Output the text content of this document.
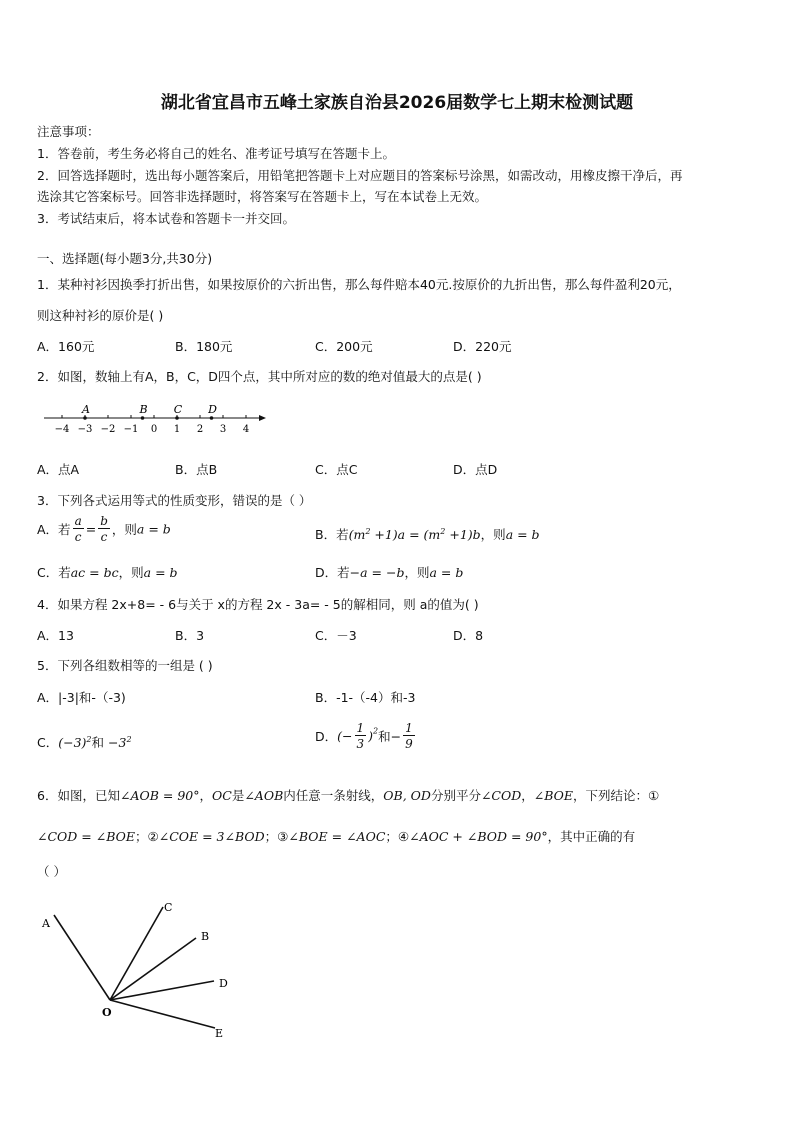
湖北省宜昌市五峰土家族自治县2026届数学七上期末检测试题
注意事项：
1．答卷前，考生务必将自己的姓名、准考证号填写在答题卡上。
2．回答选择题时，选出每小题答案后，用铅笔把答题卡上对应题目的答案标号涂黑，如需改动，用橡皮擦干净后，再
选涂其它答案标号。回答非选择题时，将答案写在答题卡上，写在本试卷上无效。
3．考试结束后，将本试卷和答题卡一并交回。
一、选择题(每小题3分,共30分)
1．某种衬衫因换季打折出售，如果按原价的六折出售，那么每件赔本40元.按原价的九折出售，那么每件盈利20元，
则这种衬衫的原价是( )
A．160元	B．180元	C．200元	D．220元
2．如图，数轴上有A，B，C，D四个点，其中所对应的数的绝对值最大的点是( )
−4 −3 −2 −1 0 1 2 3 4
A	B C D
A．点A	B．点B	C．点C	D．点D
3．下列各式运用等式的性质变形，错误的是（ ）
A．若 $\frac{a}{c} = \frac{b}{c}$ ，则a = b	B．若$(m^2 +1)a = (m^2 +1)b$，则a = b
C．若ac = bc，则a = b	D．若−a = −b，则a = b
4．如果方程 2x+8= - 6与关于 x的方程 2x - 3a= - 5的解相同，则 a的值为( )
A．13	B．3	C．－3	D．8
5．下列各组数相等的一组是 ( )
A．|-3|和-（-3)	B．-1-（-4）和-3
C．$(-3)^2$和 $-3^2$	D．(− $\frac{1}{3} )^2$和− $\frac{1}{9}$
6．如图，已知∠AOB = 90°，OC是∠AOB内任意一条射线，OB, OD分别平分∠COD，∠BOE，下列结论：①
∠COD = ∠BOE；②∠COE = 3∠BOD；③∠BOE = ∠AOC；④∠AOC + ∠BOD = 90°，其中正确的有
（ ）
A
C
B
D
O
E
